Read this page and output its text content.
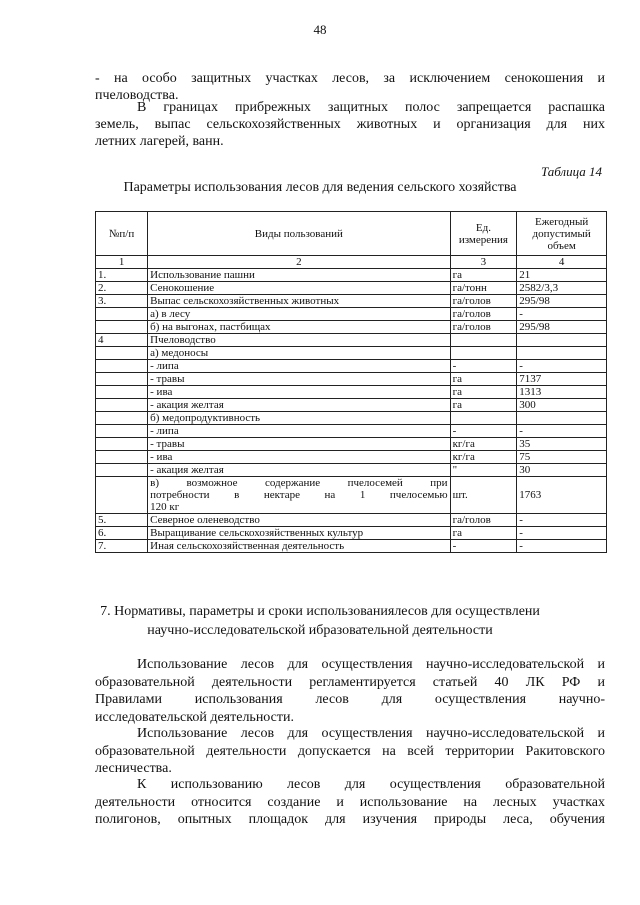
48
- на особо защитных участках лесов, за исключением сенокошения и
пчеловодства.
В границах прибрежных защитных полос запрещается распашка
земель, выпас сельскохозяйственных животных и организация для них
летних лагерей, ванн.
Таблица 14
Параметры использования лесов для ведения сельского хозяйства
№п/п	Виды пользований	Ед. измерения	Ежегодный допустимый объем
1	2	3	4
1.	Использование пашни	га	21
2.	Сенокошение	га/тонн	2582/3,3
3.	Выпас сельскохозяйственных животных	га/голов	295/98
	а) в лесу	га/голов	-
	б) на выгонах, пастбищах	га/голов	295/98
4	Пчеловодство		
	а) медоносы		
	- липа	-	-
	- травы	га	7137
	- ива	га	1313
	- акация желтая	га	300
	б) медопродуктивность		
	- липа	-	-
	- травы	кг/га	35
	- ива	кг/га	75
	- акация желтая	"	30

	в) возможное содержание пчелосемей при
потребности в нектаре на 1 пчелосемью
120 кг	шт.	1763
5.	Северное оленеводство	га/голов	-
6.	Выращивание сельскохозяйственных культур	га	-
7.	Иная сельскохозяйственная деятельность	-	-
7. Нормативы, параметры и сроки использованиялесов для осуществлени
научно-исследовательской ибразовательной деятельности
Использование лесов для осуществления научно-исследовательской и
образовательной деятельности регламентируется статьей 40 ЛК РФ и
Правилами использования лесов для осуществления научно-
исследовательской деятельности.
Использование лесов для осуществления научно-исследовательской и
образовательной деятельности допускается на всей территории Ракитовского
лесничества.
К использованию лесов для осуществления образовательной
деятельности относится создание и использование на лесных участках
полигонов, опытных площадок для изучения природы леса, обучения
